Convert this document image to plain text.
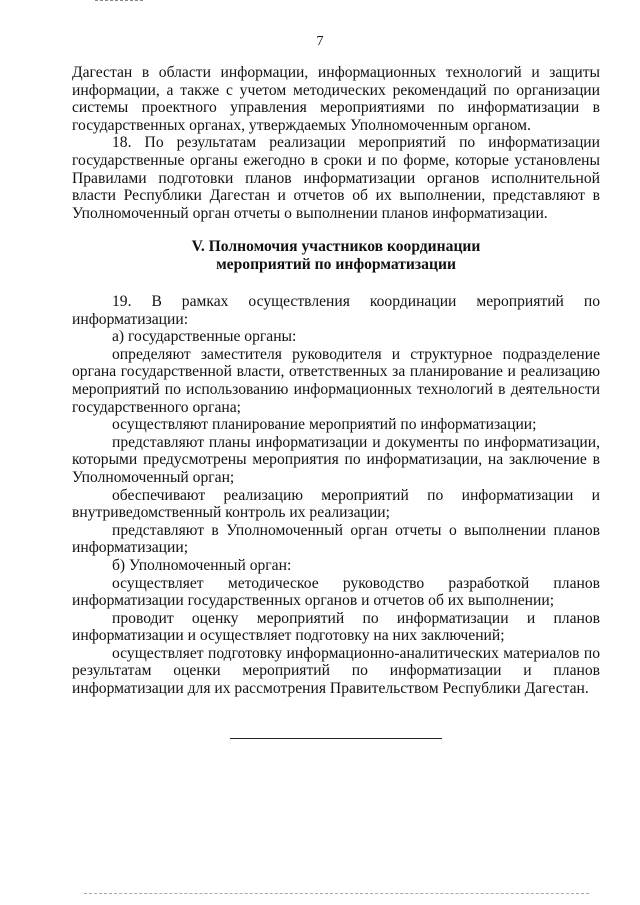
7

Дагестан в области информации, информационных технологий и защиты информации, а также с учетом методических рекомендаций по организации системы проектного управления мероприятиями по информатизации в государственных органах, утверждаемых Уполномоченным органом.

18. По результатам реализации мероприятий по информатизации государственные органы ежегодно в сроки и по форме, которые установлены Правилами подготовки планов информатизации органов исполнительной власти Республики Дагестан и отчетов об их выполнении, представляют в Уполномоченный орган отчеты о выполнении планов информатизации.

V. Полномочия участников координации
мероприятий по информатизации

19. В рамках осуществления координации мероприятий по информатизации:

а) государственные органы:

определяют заместителя руководителя и структурное подразделение органа государственной власти, ответственных за планирование и реализацию мероприятий по использованию информационных технологий в деятельности государственного органа;

осуществляют планирование мероприятий по информатизации;

представляют планы информатизации и документы по информатизации, которыми предусмотрены мероприятия по информатизации, на заключение в Уполномоченный орган;

обеспечивают реализацию мероприятий по информатизации и внутриведомственный контроль их реализации;

представляют в Уполномоченный орган отчеты о выполнении планов информатизации;

б) Уполномоченный орган:

осуществляет методическое руководство разработкой планов информатизации государственных органов и отчетов об их выполнении;

проводит оценку мероприятий по информатизации и планов информатизации и осуществляет подготовку на них заключений;

осуществляет подготовку информационно-аналитических материалов по результатам оценки мероприятий по информатизации и планов информатизации для их рассмотрения Правительством Республики Дагестан.
